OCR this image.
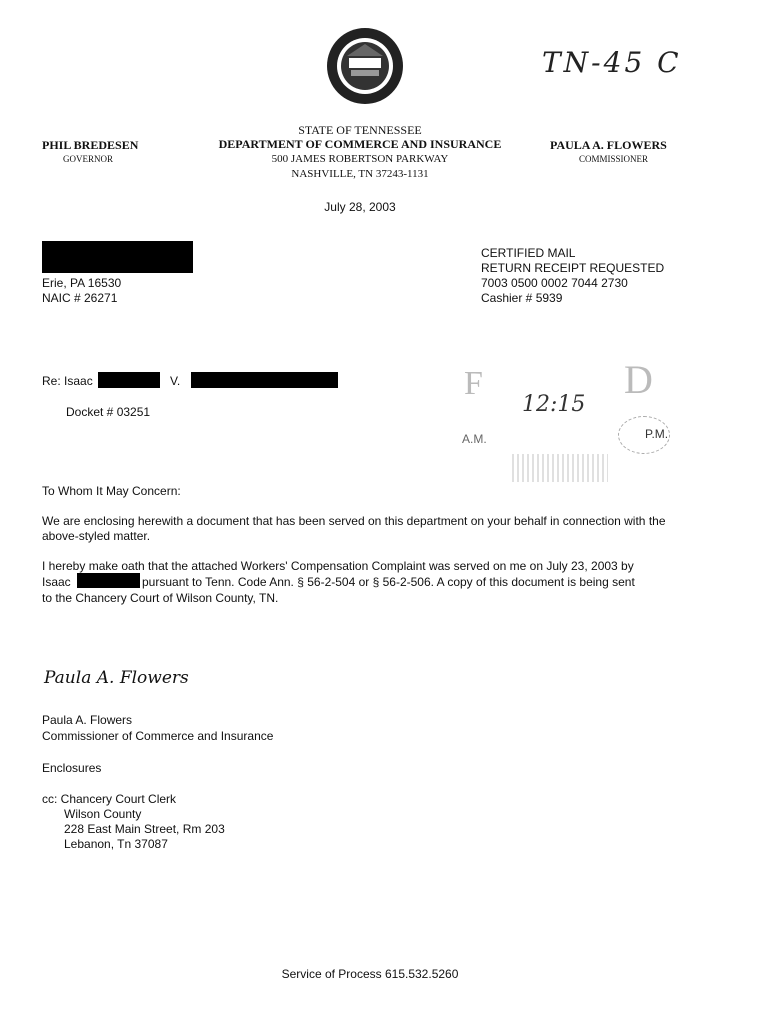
TN-45 C
PHIL BREDESEN
GOVERNOR
STATE OF TENNESSEE
DEPARTMENT OF COMMERCE AND INSURANCE
500 JAMES ROBERTSON PARKWAY
NASHVILLE, TN 37243-1131
PAULA A. FLOWERS
COMMISSIONER
July 28, 2003
Erie, PA 16530
NAIC # 26271
CERTIFIED MAIL
RETURN RECEIPT REQUESTED
7003 0500 0002 7044 2730
Cashier # 5939
Re: Isaac	V.
Docket # 03251
F	D
12:15
A.M.	P.M.
To Whom It May Concern:
We are enclosing herewith a document that has been served on this department on your behalf in connection with the above-styled matter.
I hereby make oath that the attached Workers' Compensation Complaint was served on me on July 23, 2003 by
Isaac	pursuant to Tenn. Code Ann. § 56-2-504 or § 56-2-506. A copy of this document is being sent
to the Chancery Court of Wilson County, TN.
Paula A. Flowers
Paula A. Flowers
Commissioner of Commerce and Insurance
Enclosures
cc: Chancery Court Clerk
Wilson County
228 East Main Street, Rm 203
Lebanon, Tn 37087
Service of Process 615.532.5260
